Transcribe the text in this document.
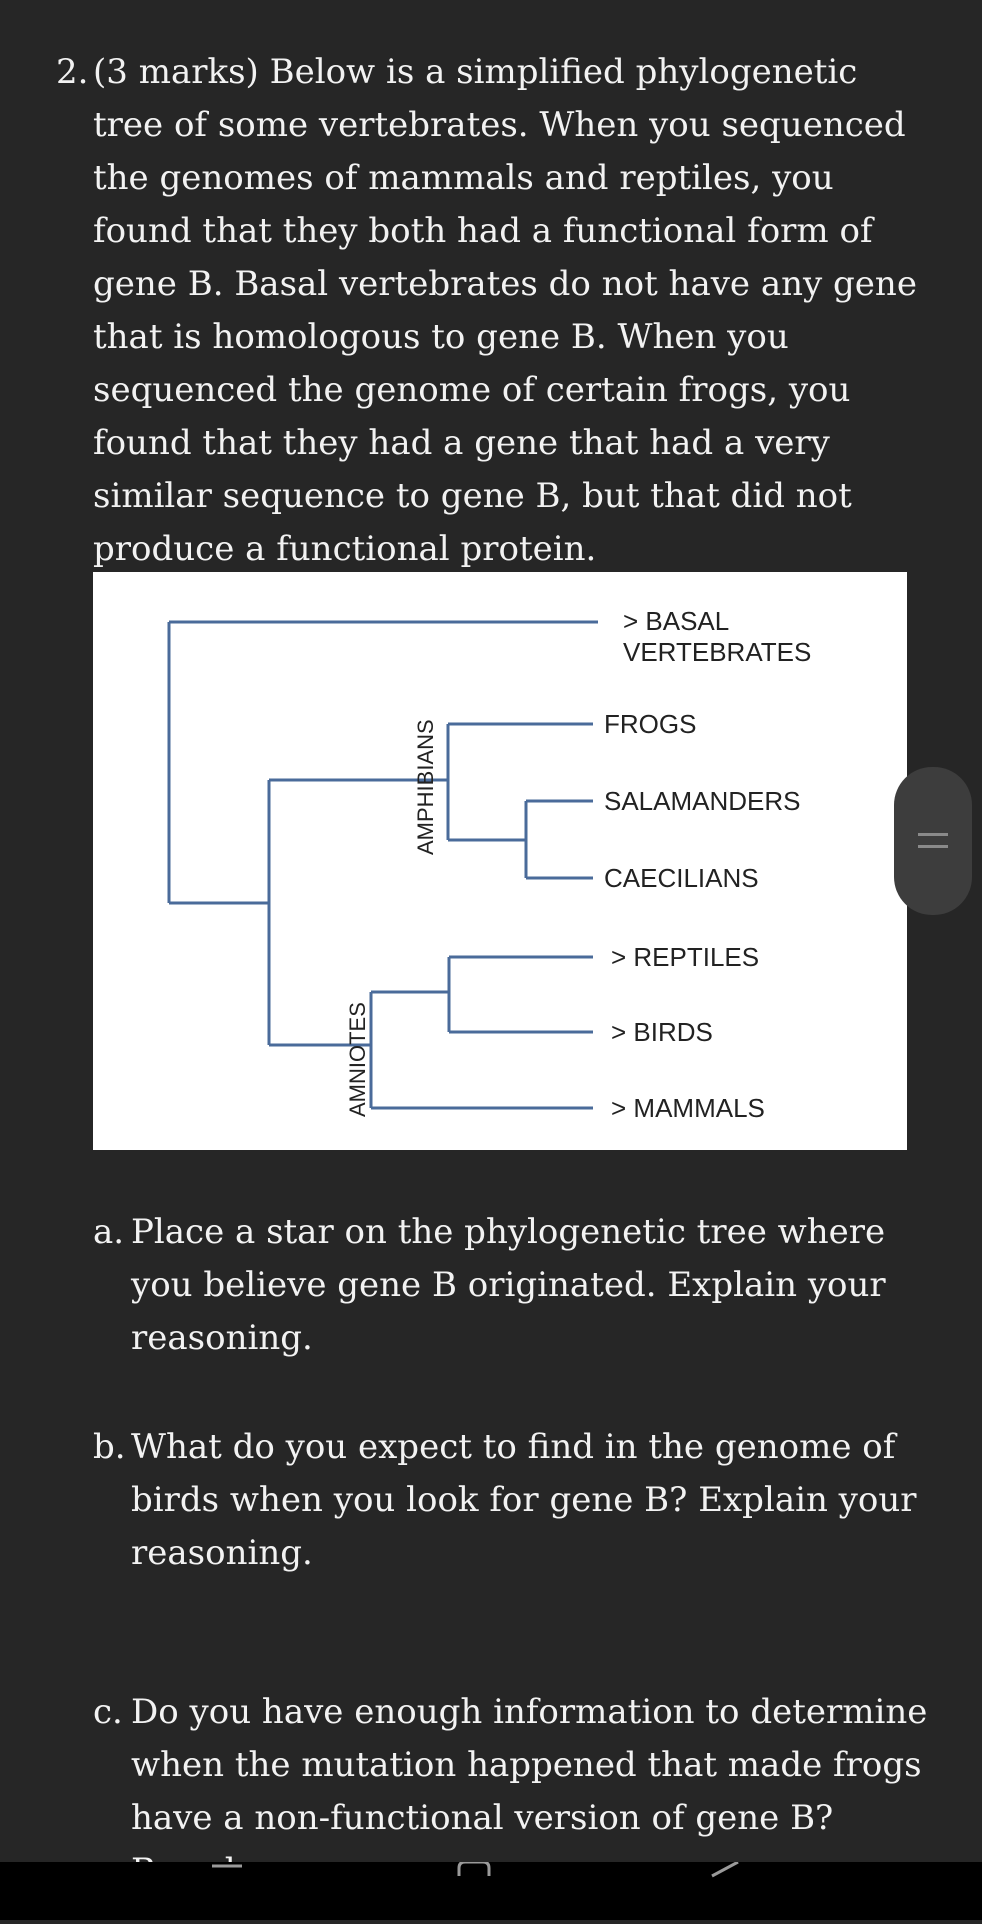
2. (3 marks) Below is a simplified phylogenetic tree of some vertebrates. When you sequenced the genomes of mammals and reptiles, you found that they both had a functional form of gene B. Basal vertebrates do not have any gene that is homologous to gene B. When you sequenced the genome of certain frogs, you found that they had a gene that had a very similar sequence to gene B, but that did not produce a functional protein.
> BASAL
VERTEBRATES
FROGS
SALAMANDERS
CAECILIANS
> REPTILES
> BIRDS
> MAMMALS
AMPHIBIANS
AMNIOTES
a. Place a star on the phylogenetic tree where you believe gene B originated. Explain your reasoning.
b. What do you expect to find in the genome of birds when you look for gene B? Explain your reasoning.
c. Do you have enough information to determine when the mutation happened that made frogs have a non-functional version of gene B?
